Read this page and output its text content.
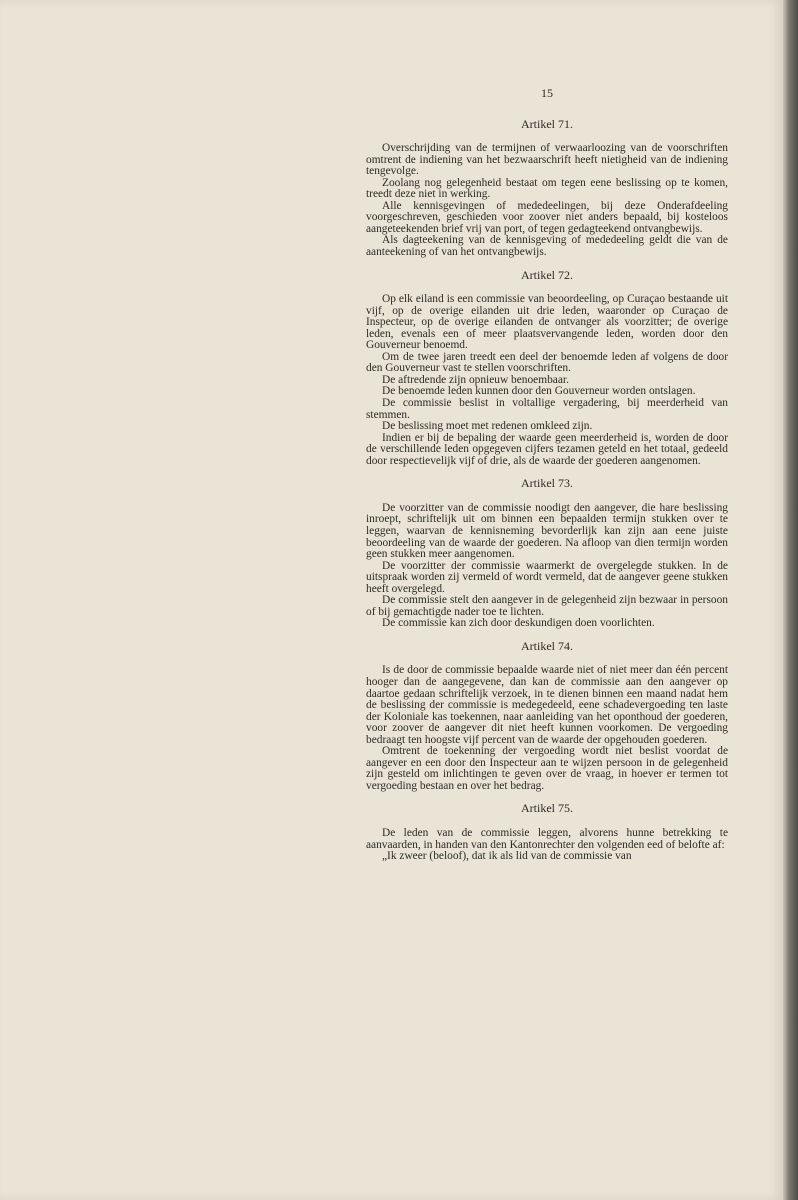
15
Artikel 71.

Overschrijding van de termijnen of verwaarloozing van de voorschriften omtrent de indiening van het bezwaarschrift heeft nietigheid van de indiening tengevolge.

Zoolang nog gelegenheid bestaat om tegen eene beslissing op te komen, treedt deze niet in werking.

Alle kennisgevingen of mededeelingen, bij deze Onderafdeeling voorgeschreven, geschieden voor zoover niet anders bepaald, bij kosteloos aangeteekenden brief vrij van port, of tegen gedagteekend ontvangbewijs.

Als dagteekening van de kennisgeving of mededeeling geldt die van de aanteekening of van het ontvangbewijs.

Artikel 72.

Op elk eiland is een commissie van beoordeeling, op Curaçao bestaande uit vijf, op de overige eilanden uit drie leden, waaronder op Curaçao de Inspecteur, op de overige eilanden de ontvanger als voorzitter; de overige leden, evenals een of meer plaatsvervangende leden, worden door den Gouverneur benoemd.

Om de twee jaren treedt een deel der benoemde leden af volgens de door den Gouverneur vast te stellen voorschriften.

De aftredende zijn opnieuw benoembaar.

De benoemde leden kunnen door den Gouverneur worden ontslagen.

De commissie beslist in voltallige vergadering, bij meerderheid van stemmen.

De beslissing moet met redenen omkleed zijn.

Indien er bij de bepaling der waarde geen meerderheid is, worden de door de verschillende leden opgegeven cijfers tezamen geteld en het totaal, gedeeld door respectievelijk vijf of drie, als de waarde der goederen aangenomen.

Artikel 73.

De voorzitter van de commissie noodigt den aangever, die hare beslissing inroept, schriftelijk uit om binnen een bepaalden termijn stukken over te leggen, waarvan de kennisneming bevorderlijk kan zijn aan eene juiste beoordeeling van de waarde der goederen. Na afloop van dien termijn worden geen stukken meer aangenomen.

De voorzitter der commissie waarmerkt de overgelegde stukken. In de uitspraak worden zij vermeld of wordt vermeld, dat de aangever geene stukken heeft overgelegd.

De commissie stelt den aangever in de gelegenheid zijn bezwaar in persoon of bij gemachtigde nader toe te lichten.

De commissie kan zich door deskundigen doen voorlichten.

Artikel 74.

Is de door de commissie bepaalde waarde niet of niet meer dan één percent hooger dan de aangegevene, dan kan de commissie aan den aangever op daartoe gedaan schriftelijk verzoek, in te dienen binnen een maand nadat hem de beslissing der commissie is medegedeeld, eene schadevergoeding ten laste der Koloniale kas toekennen, naar aanleiding van het oponthoud der goederen, voor zoover de aangever dit niet heeft kunnen voorkomen. De vergoeding bedraagt ten hoogste vijf percent van de waarde der opgehouden goederen.

Omtrent de toekenning der vergoeding wordt niet beslist voordat de aangever en een door den Inspecteur aan te wijzen persoon in de gelegenheid zijn gesteld om inlichtingen te geven over de vraag, in hoever er termen tot vergoeding bestaan en over het bedrag.

Artikel 75.

De leden van de commissie leggen, alvorens hunne betrekking te aanvaarden, in handen van den Kantonrechter den volgenden eed of belofte af:

„Ik zweer (beloof), dat ik als lid van de commissie van
